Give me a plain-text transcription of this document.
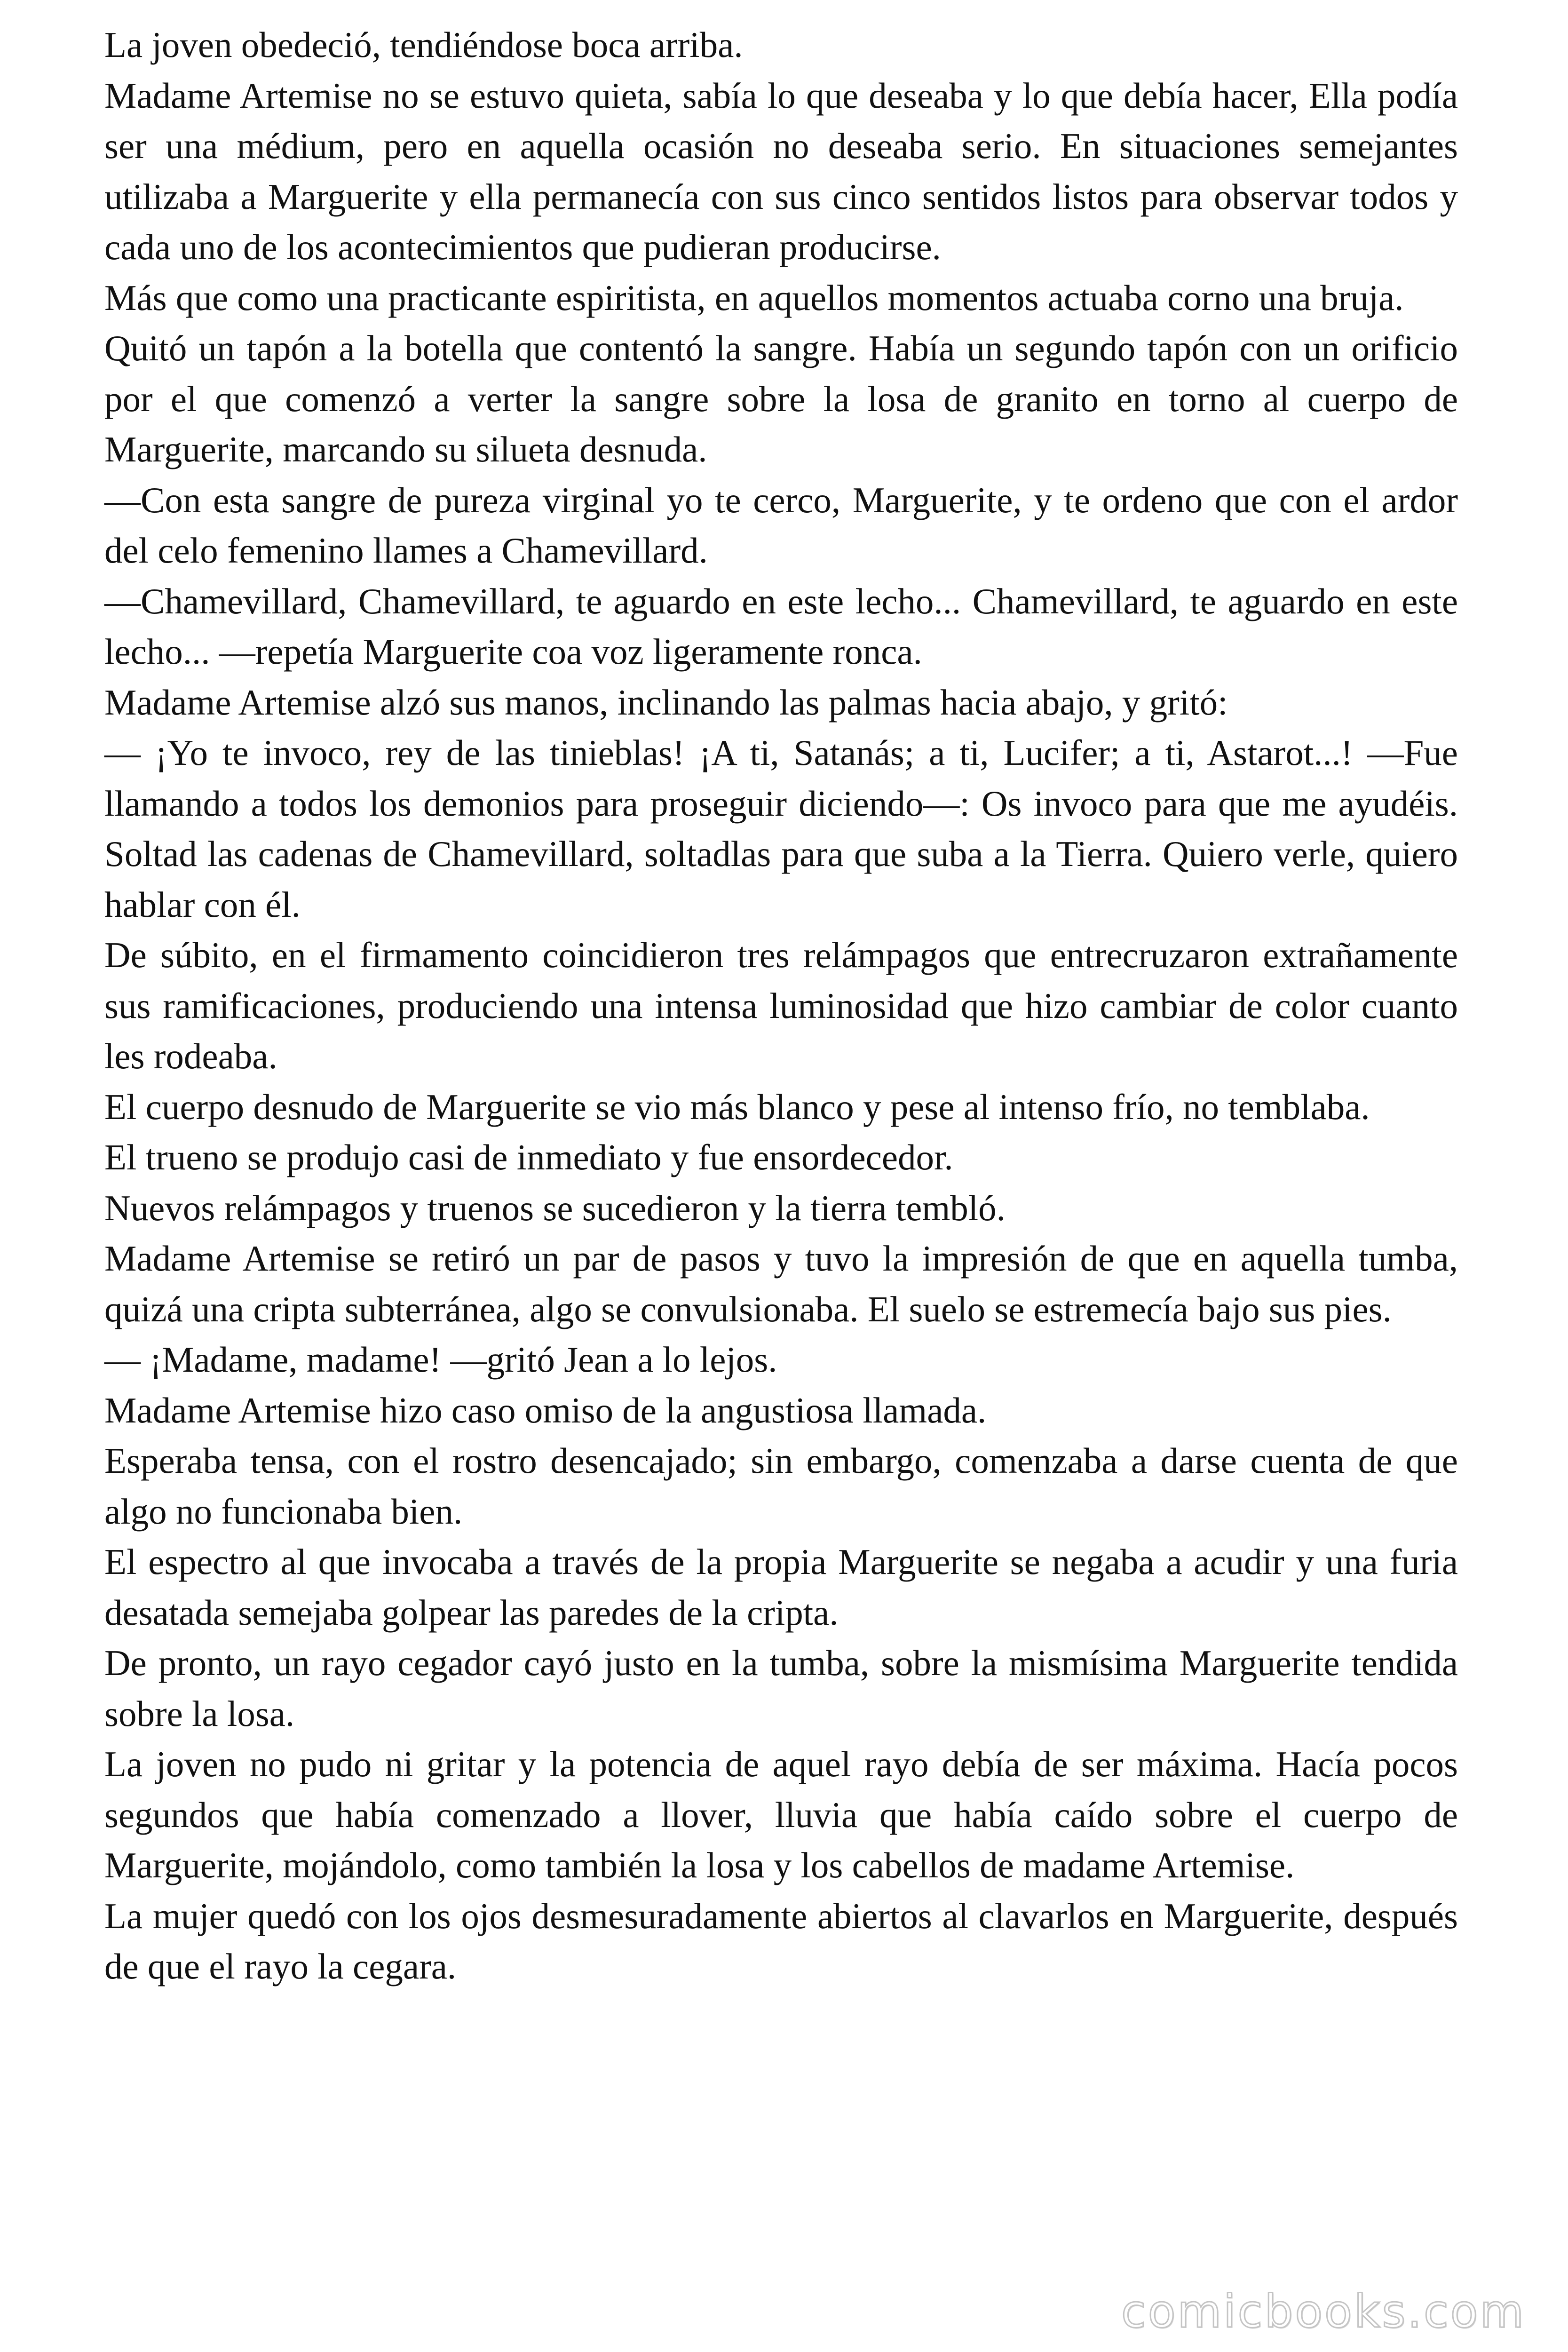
La joven obedeció, tendiéndose boca arriba.

Madame Artemise no se estuvo quieta, sabía lo que deseaba y lo que debía hacer, Ella podía ser una médium, pero en aquella ocasión no deseaba serio. En situaciones semejantes utilizaba a Marguerite y ella permanecía con sus cinco sentidos listos para observar todos y cada uno de los acontecimientos que pudieran producirse.

Más que como una practicante espiritista, en aquellos momentos actuaba corno una bruja.

Quitó un tapón a la botella que contentó la sangre. Había un segundo tapón con un orificio por el que comenzó a verter la sangre sobre la losa de granito en torno al cuerpo de Marguerite, marcando su silueta desnuda.

—Con esta sangre de pureza virginal yo te cerco, Marguerite, y te ordeno que con el ardor del celo femenino llames a Chamevillard.

—Chamevillard, Chamevillard, te aguardo en este lecho... Chamevillard, te aguardo en este lecho... —repetía Marguerite coa voz ligeramente ronca.

Madame Artemise alzó sus manos, inclinando las palmas hacia abajo, y gritó:

— ¡Yo te invoco, rey de las tinieblas! ¡A ti, Satanás; a ti, Lucifer; a ti, Astarot...! —Fue llamando a todos los demonios para proseguir diciendo—: Os invoco para que me ayudéis. Soltad las cadenas de Chamevillard, soltadlas para que suba a la Tierra. Quiero verle, quiero hablar con él.

De súbito, en el firmamento coincidieron tres relámpagos que entrecruzaron extrañamente sus ramificaciones, produciendo una intensa luminosidad que hizo cambiar de color cuanto les rodeaba.

El cuerpo desnudo de Marguerite se vio más blanco y pese al intenso frío, no temblaba.

El trueno se produjo casi de inmediato y fue ensordecedor.

Nuevos relámpagos y truenos se sucedieron y la tierra tembló.

Madame Artemise se retiró un par de pasos y tuvo la impresión de que en aquella tumba, quizá una cripta subterránea, algo se convulsionaba. El suelo se estremecía bajo sus pies.

— ¡Madame, madame! —gritó Jean a lo lejos.

Madame Artemise hizo caso omiso de la angustiosa llamada.

Esperaba tensa, con el rostro desencajado; sin embargo, comenzaba a darse cuenta de que algo no funcionaba bien.

El espectro al que invocaba a través de la propia Marguerite se negaba a acudir y una furia desatada semejaba golpear las paredes de la cripta.

De pronto, un rayo cegador cayó justo en la tumba, sobre la mismísima Marguerite tendida sobre la losa.

La joven no pudo ni gritar y la potencia de aquel rayo debía de ser máxima. Hacía pocos segundos que había comenzado a llover, lluvia que había caído sobre el cuerpo de Marguerite, mojándolo, como también la losa y los cabellos de madame Artemise.

La mujer quedó con los ojos desmesuradamente abiertos al clavarlos en Marguerite, después de que el rayo la cegara.

comicbooks.com
